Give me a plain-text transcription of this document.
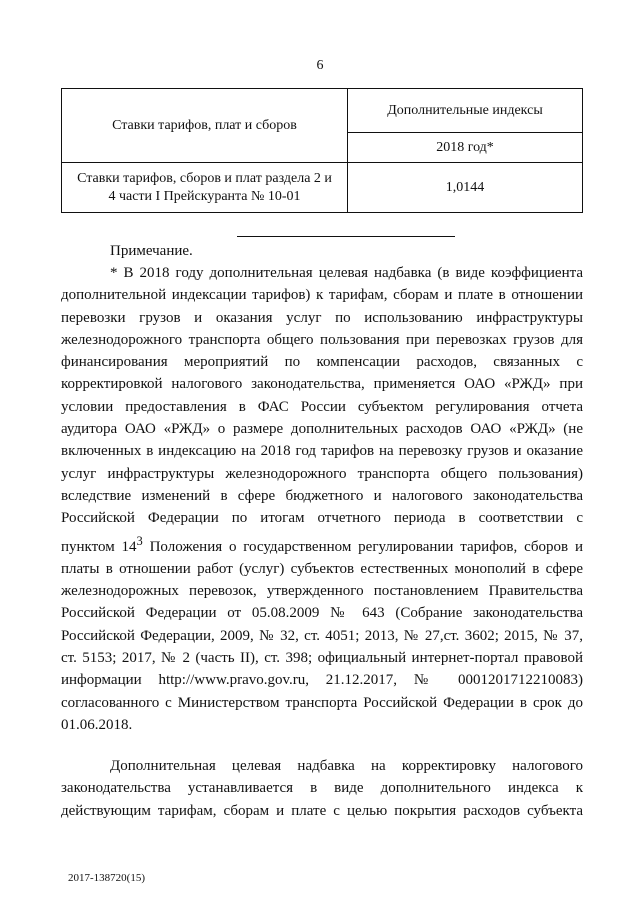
6
Ставки тарифов, плат и сборов	Дополнительные индексы
	2018 год*
Ставки тарифов, сборов и плат раздела 2 и
4 части I Прейскуранта № 10-01	1,0144
Примечание.
* В 2018 году дополнительная целевая надбавка (в виде коэффициента
дополнительной индексации тарифов) к тарифам, сборам и плате в отношении
перевозки грузов и оказания услуг по использованию инфраструктуры
железнодорожного транспорта общего пользования при перевозках грузов для
финансирования мероприятий по компенсации расходов, связанных с
корректировкой налогового законодательства, применяется ОАО «РЖД» при
условии предоставления в ФАС России субъектом регулирования отчета
аудитора ОАО «РЖД» о размере дополнительных расходов ОАО «РЖД» (не
включенных в индексацию на 2018 год тарифов на перевозку грузов и оказание
услуг инфраструктуры железнодорожного транспорта общего пользования)
вследствие изменений в сфере бюджетного и налогового законодательства
Российской Федерации по итогам отчетного периода в соответствии с
пунктом $14^3$ Положения о государственном регулировании тарифов, сборов и
платы в отношении работ (услуг) субъектов естественных монополий в сфере
железнодорожных перевозок, утвержденного постановлением Правительства
Российской Федерации от 05.08.2009 № 643 (Собрание законодательства
Российской Федерации, 2009, № 32, ст. 4051; 2013, № 27,ст. 3602; 2015, № 37,
ст. 5153; 2017, № 2 (часть II), ст. 398; официальный интернет-портал правовой
информации http://www.pravo.gov.ru, 21.12.2017, № 0001201712210083)
согласованного с Министерством транспорта Российской Федерации в срок до
01.06.2018.
Дополнительная целевая надбавка на корректировку налогового
законодательства устанавливается в виде дополнительного индекса к
действующим тарифам, сборам и плате с целью покрытия расходов субъекта
2017-138720(15)
